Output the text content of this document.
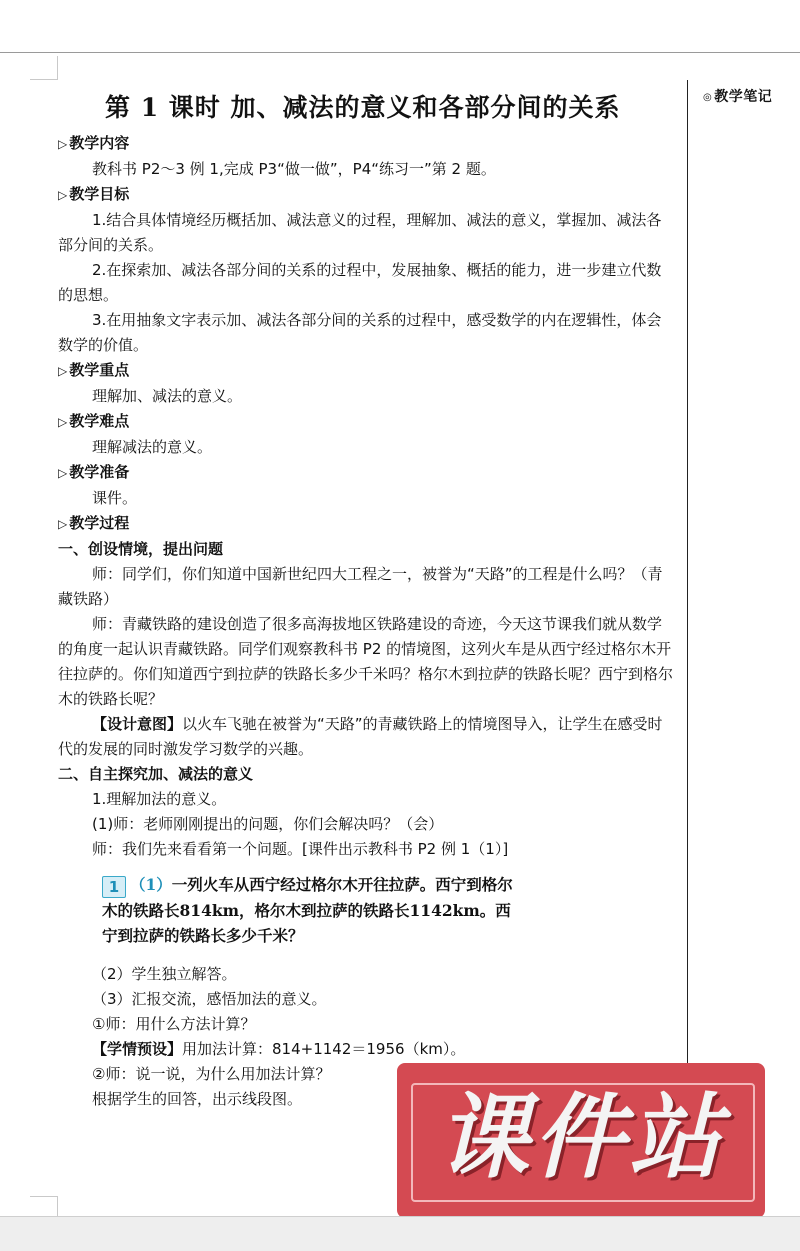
◎ 教学笔记
第 1 课时 加、减法的意义和各部分间的关系

▷ 教学内容

教科书 P2～3 例 1,完成 P3“做一做”，P4“练习一”第 2 题。

▷ 教学目标

1.结合具体情境经历概括加、减法意义的过程，理解加、减法的意义，掌握加、减法各部分间的关系。

2.在探索加、减法各部分间的关系的过程中，发展抽象、概括的能力，进一步建立代数的思想。

3.在用抽象文字表示加、减法各部分间的关系的过程中，感受数学的内在逻辑性，体会数学的价值。

▷ 教学重点

理解加、减法的意义。

▷ 教学难点

理解减法的意义。

▷ 教学准备

课件。

▷ 教学过程

一、创设情境，提出问题

师：同学们，你们知道中国新世纪四大工程之一，被誉为“天路”的工程是什么吗？（青藏铁路）

师：青藏铁路的建设创造了很多高海拔地区铁路建设的奇迹，今天这节课我们就从数学的角度一起认识青藏铁路。同学们观察教科书 P2 的情境图，这列火车是从西宁经过格尔木开往拉萨的。你们知道西宁到拉萨的铁路长多少千米吗？格尔木到拉萨的铁路长呢？西宁到格尔木的铁路长呢？

【设计意图】以火车飞驰在被誉为“天路”的青藏铁路上的情境图导入，让学生在感受时代的发展的同时激发学习数学的兴趣。

二、自主探究加、减法的意义

1.理解加法的意义。

(1)师：老师刚刚提出的问题，你们会解决吗？（会）

师：我们先来看看第一个问题。[课件出示教科书 P2 例 1（1）]

1 （1）一列火车从西宁经过格尔木开往拉萨。西宁到格尔木的铁路长814km，格尔木到拉萨的铁路长1142km。西宁到拉萨的铁路长多少千米？

（2）学生独立解答。

（3）汇报交流，感悟加法的意义。

①师：用什么方法计算？

【学情预设】用加法计算：814+1142＝1956（km）。

②师：说一说，为什么用加法计算？

根据学生的回答，出示线段图。	课件站
